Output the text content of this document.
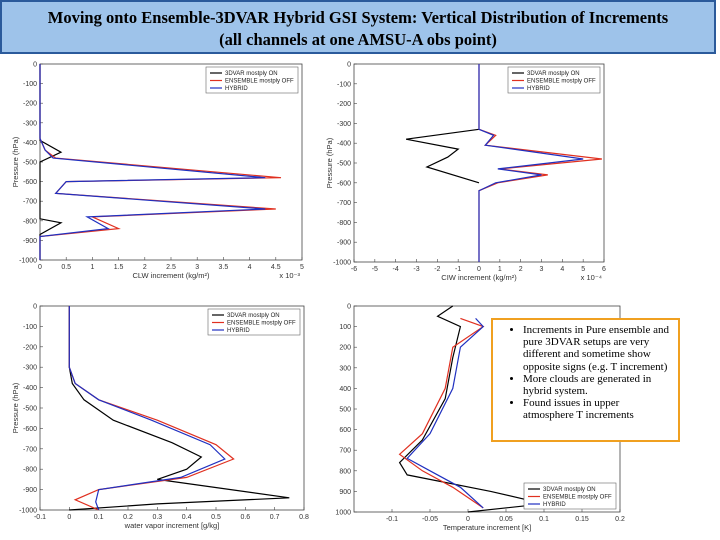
Moving onto Ensemble-3DVAR Hybrid GSI System: Vertical Distribution of Increments
(all channels at one AMSU-A obs point)
0
-100
-200
-300
-400
-500
-600
-700
-800
-900
-1000
0	0.5	1	1.5	2	2.5	3	3.5	4	4.5	5
CLW increment (kg/m²)	x 10⁻³
Pressure (hPa)
3DVAR mostply ON
ENSEMBLE mostply OFF
HYBRID
0
-100
-200
-300
-400
-500
-600
-700
-800
-900
-1000
-6 -5 -4 -3 -2 -1 0 1 2 3 4 5 6
CIW increment (kg/m²)	x 10⁻⁴
Pressure (hPa)
3DVAR mostply ON
ENSEMBLE mostply OFF
HYBRID
0
-100
-200
-300
-400
-500
-600
-700
-800
-900
-1000
-0.1	0	0.1	0.2	0.3	0.4	0.5	0.6	0.7	0.8
water vapor increment [g/kg]
Pressure (hPa)
3DVAR mostply ON
ENSEMBLE mostply OFF
HYBRID
0
100
200
300
400
500
600
700
800
900
1000
-0.1	-0.05	0	0.05	0.1	0.15	0.2
Temperature increment [K]
3DVAR mostply ON
ENSEMBLE mostply OFF
HYBRID
• Increments in Pure ensemble and pure 3DVAR setups are very different and sometime show opposite signs (e.g. T increment)
• More clouds are generated in hybrid system.
• Found issues in upper atmosphere T increments
